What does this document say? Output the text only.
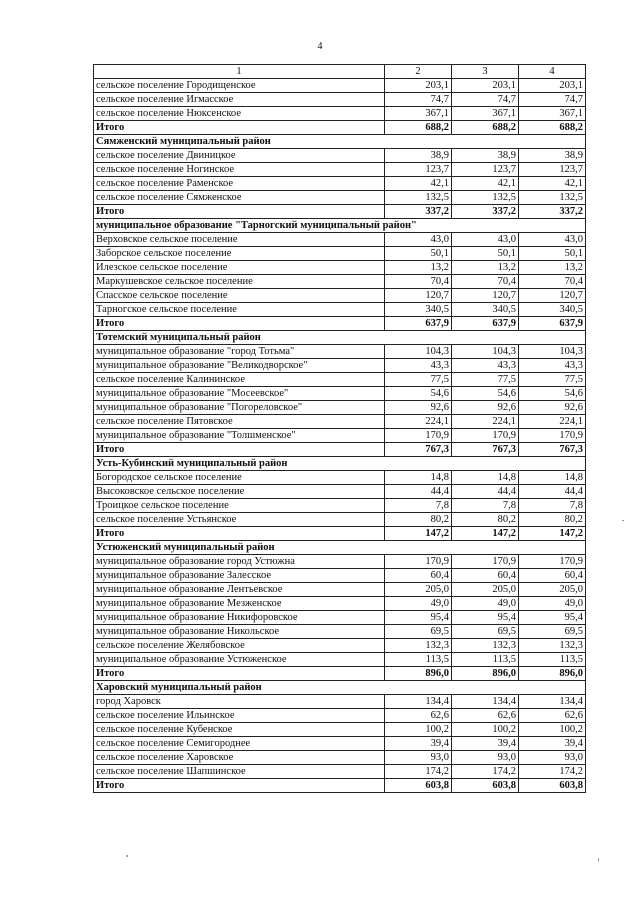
4
1	2	3	4
сельское поселение Городищенское	203,1	203,1	203,1
сельское поселение Игмасское	74,7	74,7	74,7
сельское поселение Нюксенское	367,1	367,1	367,1
Итого	688,2	688,2	688,2
Сямженский муниципальный район			
сельское поселение Двиницкое	38,9	38,9	38,9
сельское поселение Ногинское	123,7	123,7	123,7
сельское поселение Раменское	42,1	42,1	42,1
сельское поселение Сямженское	132,5	132,5	132,5
Итого	337,2	337,2	337,2
муниципальное образование "Тарногский муниципальный район"			
Верховское сельское поселение	43,0	43,0	43,0
Заборское сельское поселение	50,1	50,1	50,1
Илезское сельское поселение	13,2	13,2	13,2
Маркушевское сельское поселение	70,4	70,4	70,4
Спасское сельское поселение	120,7	120,7	120,7
Тарногское сельское поселение	340,5	340,5	340,5
Итого	637,9	637,9	637,9
Тотемский муниципальный район			
муниципальное образование "город Тотьма"	104,3	104,3	104,3
муниципальное образование "Великодворское"	43,3	43,3	43,3
сельское поселение Калининское	77,5	77,5	77,5
муниципальное образование "Мосеевское"	54,6	54,6	54,6
муниципальное образование "Погореловское"	92,6	92,6	92,6
сельское поселение Пятовское	224,1	224,1	224,1
муниципальное образование "Толшменское"	170,9	170,9	170,9
Итого	767,3	767,3	767,3
Усть-Кубинский муниципальный район			
Богородское сельское поселение	14,8	14,8	14,8
Высоковское сельское поселение	44,4	44,4	44,4
Троицкое сельское поселение	7,8	7,8	7,8
сельское поселение Устьянское	80,2	80,2	80,2
Итого	147,2	147,2	147,2
Устюженский муниципальный район			
муниципальное образование город Устюжна	170,9	170,9	170,9
муниципальное образование Залесское	60,4	60,4	60,4
муниципальное образование Лентьевское	205,0	205,0	205,0
муниципальное образование Мезженское	49,0	49,0	49,0
муниципальное образование Никифоровское	95,4	95,4	95,4
муниципальное образование Никольское	69,5	69,5	69,5
сельское поселение Желябовское	132,3	132,3	132,3
муниципальное образование Устюженское	113,5	113,5	113,5
Итого	896,0	896,0	896,0
Харовский муниципальный район			
город Харовск	134,4	134,4	134,4
сельское поселение Ильинское	62,6	62,6	62,6
сельское поселение Кубенское	100,2	100,2	100,2
сельское поселение Семигороднее	39,4	39,4	39,4
сельское поселение Харовское	93,0	93,0	93,0
сельское поселение Шапшинское	174,2	174,2	174,2
Итого	603,8	603,8	603,8
